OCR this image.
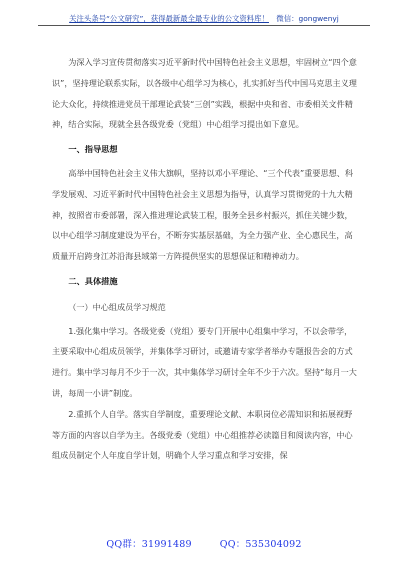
关注头条号“公文研究”，获得最新最全最专业的公文资料库！　 微信：gongwenyj

为深入学习宣传贯彻落实习近平新时代中国特色社会主义思想，牢固树立“四个意识”，坚持理论联系实际，以各级中心组学习为核心，扎实抓好当代中国马克思主义理论大众化，持续推进党员干部理论武装“三创”实践，根据中央和省、市委相关文件精神，结合实际，现就全县各级党委（党组）中心组学习提出如下意见。

一、指导思想

高举中国特色社会主义伟大旗帜，坚持以邓小平理论、“三个代表”重要思想、科学发展观、习近平新时代中国特色社会主义思想为指导，认真学习贯彻党的十九大精神，按照省市委部署，深入推进理论武装工程，服务全县乡村振兴，抓住关键少数，以中心组学习制度建设为平台，不断夯实基层基础，为全力强产业、全心惠民生，高质量开启跨身江苏沿海县域第一方阵提供坚实的思想保证和精神动力。

二、具体措施
（一）中心组成员学习规范

1.强化集中学习。各级党委（党组）要专门开展中心组集中学习，不以会带学，主要采取中心组成员领学，并集体学习研讨，或邀请专家学者举办专题报告会的方式进行。集中学习每月不少于一次，其中集体学习研讨全年不少于六次。坚持“每月一大讲，每周一小讲”制度。

2.重抓个人自学。落实自学制度，重要理论文献、本职岗位必需知识和拓展视野等方面的内容以自学为主。各级党委（党组）中心组推荐必读篇目和阅读内容，中心组成员制定个人年度自学计划，明确个人学习重点和学习安排，保

QQ群：31991489	QQ：535304092
